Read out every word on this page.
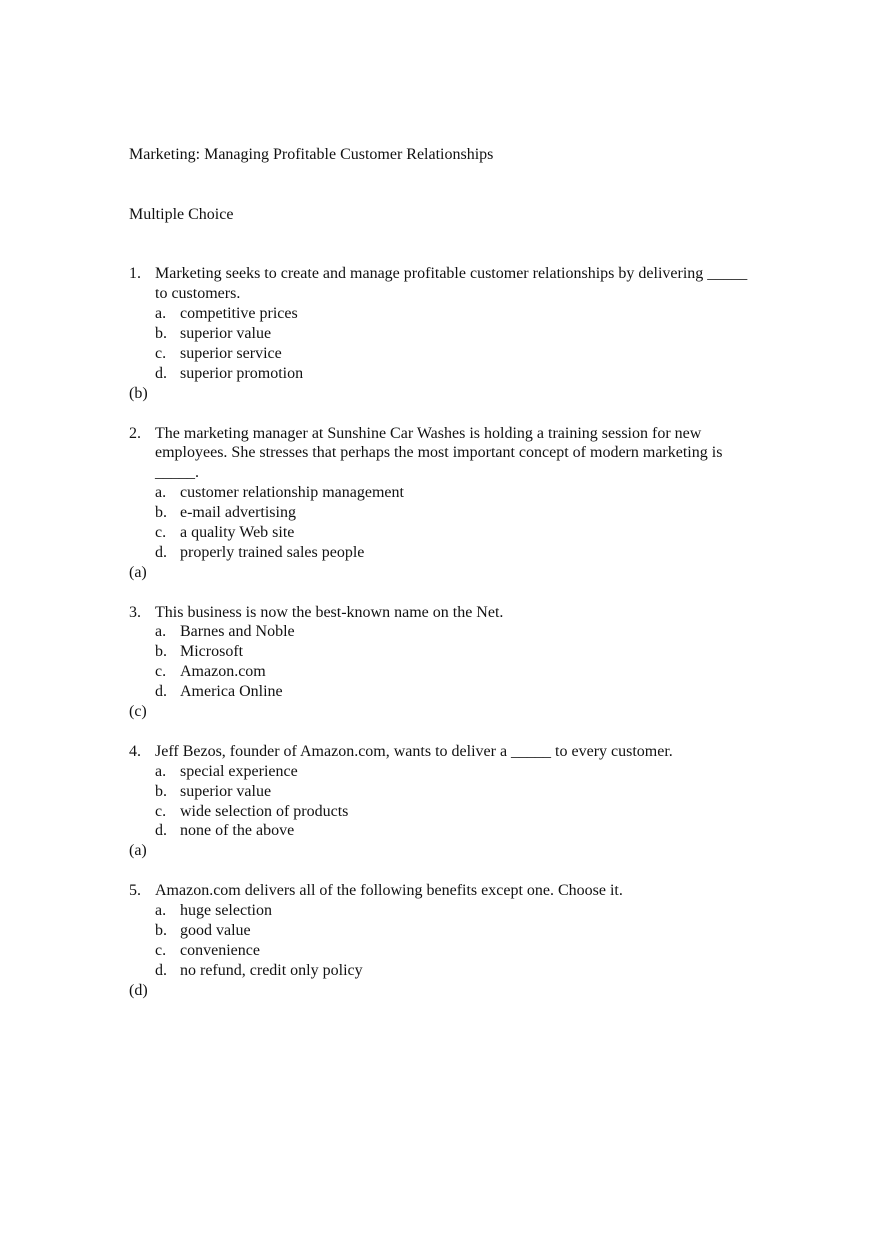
Marketing: Managing Profitable Customer Relationships
Multiple Choice
1. Marketing seeks to create and manage profitable customer relationships by delivering _____ to customers.
a. competitive prices
b. superior value
c. superior service
d. superior promotion
(b)
2. The marketing manager at Sunshine Car Washes is holding a training session for new employees. She stresses that perhaps the most important concept of modern marketing is _____.
a. customer relationship management
b. e-mail advertising
c. a quality Web site
d. properly trained sales people
(a)
3. This business is now the best-known name on the Net.
a. Barnes and Noble
b. Microsoft
c. Amazon.com
d. America Online
(c)
4. Jeff Bezos, founder of Amazon.com, wants to deliver a _____ to every customer.
a. special experience
b. superior value
c. wide selection of products
d. none of the above
(a)
5. Amazon.com delivers all of the following benefits except one. Choose it.
a. huge selection
b. good value
c. convenience
d. no refund, credit only policy
(d)
